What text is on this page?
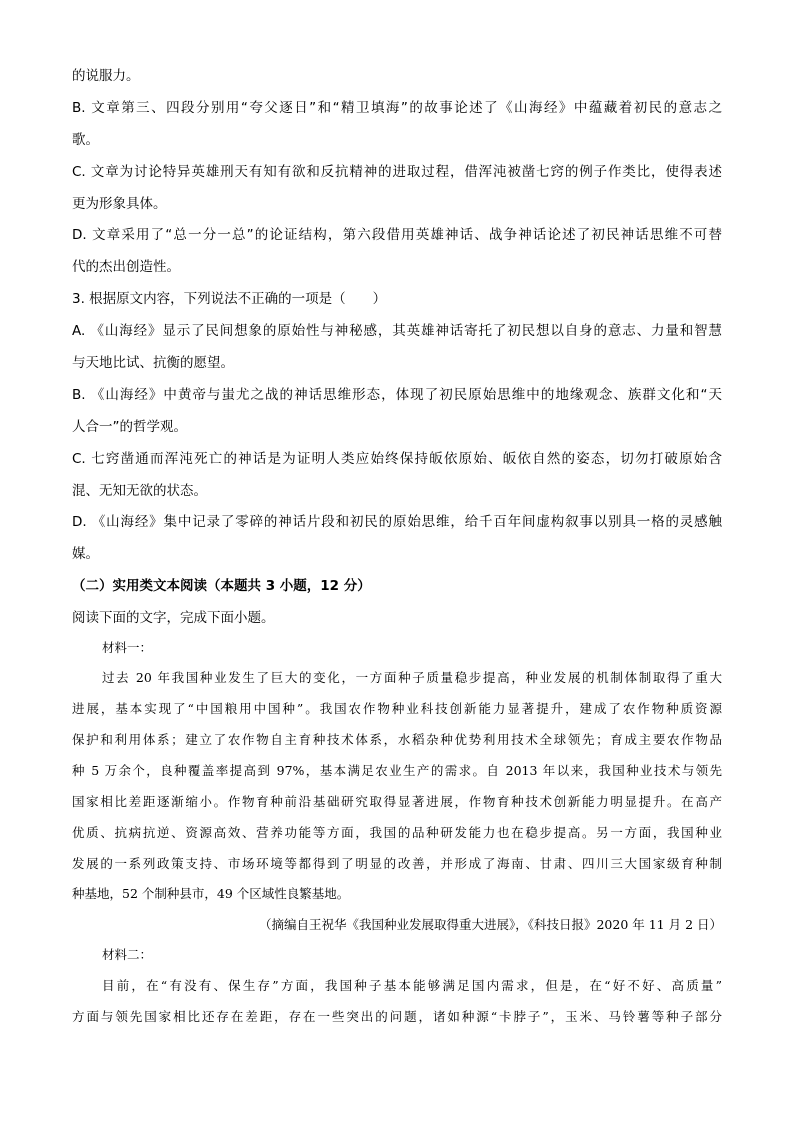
的说服力。
B. 文章第三、四段分别用“夸父逐日”和“精卫填海”的故事论述了《山海经》中蕴藏着初民的意志之
歌。
C. 文章为讨论特异英雄刑天有知有欲和反抗精神的进取过程，借浑沌被凿七窍的例子作类比，使得表述
更为形象具体。
D. 文章采用了“总一分一总”的论证结构，第六段借用英雄神话、战争神话论述了初民神话思维不可替
代的杰出创造性。
3. 根据原文内容，下列说法不正确的一项是（　　）
A. 《山海经》显示了民间想象的原始性与神秘感，其英雄神话寄托了初民想以自身的意志、力量和智慧
与天地比试、抗衡的愿望。
B. 《山海经》中黄帝与蚩尤之战的神话思维形态，体现了初民原始思维中的地缘观念、族群文化和“天
人合一”的哲学观。
C. 七窍凿通而浑沌死亡的神话是为证明人类应始终保持皈依原始、皈依自然的姿态，切勿打破原始含
混、无知无欲的状态。
D. 《山海经》集中记录了零碎的神话片段和初民的原始思维，给千百年间虚构叙事以别具一格的灵感触
媒。
（二）实用类文本阅读（本题共 3 小题，12 分）
阅读下面的文字，完成下面小题。
材料一：
过去 20 年我国种业发生了巨大的变化，一方面种子质量稳步提高，种业发展的机制体制取得了重大
进展，基本实现了“中国粮用中国种”。我国农作物种业科技创新能力显著提升，建成了农作物种质资源
保护和利用体系；建立了农作物自主育种技术体系，水稻杂种优势利用技术全球领先；育成主要农作物品
种 5 万余个，良种覆盖率提高到 97%，基本满足农业生产的需求。自 2013 年以来，我国种业技术与领先
国家相比差距逐渐缩小。作物育种前沿基础研究取得显著进展，作物育种技术创新能力明显提升。在高产
优质、抗病抗逆、资源高效、营养功能等方面，我国的品种研发能力也在稳步提高。另一方面，我国种业
发展的一系列政策支持、市场环境等都得到了明显的改善，并形成了海南、甘肃、四川三大国家级育种制
种基地，52 个制种县市，49 个区域性良繁基地。
（摘编自王祝华《我国种业发展取得重大进展》，《科技日报》2020 年 11 月 2 日）
材料二：
目前，在“有没有、保生存”方面，我国种子基本能够满足国内需求，但是，在“好不好、高质量”
方面与领先国家相比还存在差距，存在一些突出的问题，诸如种源“卡脖子”，玉米、马铃薯等种子部分
